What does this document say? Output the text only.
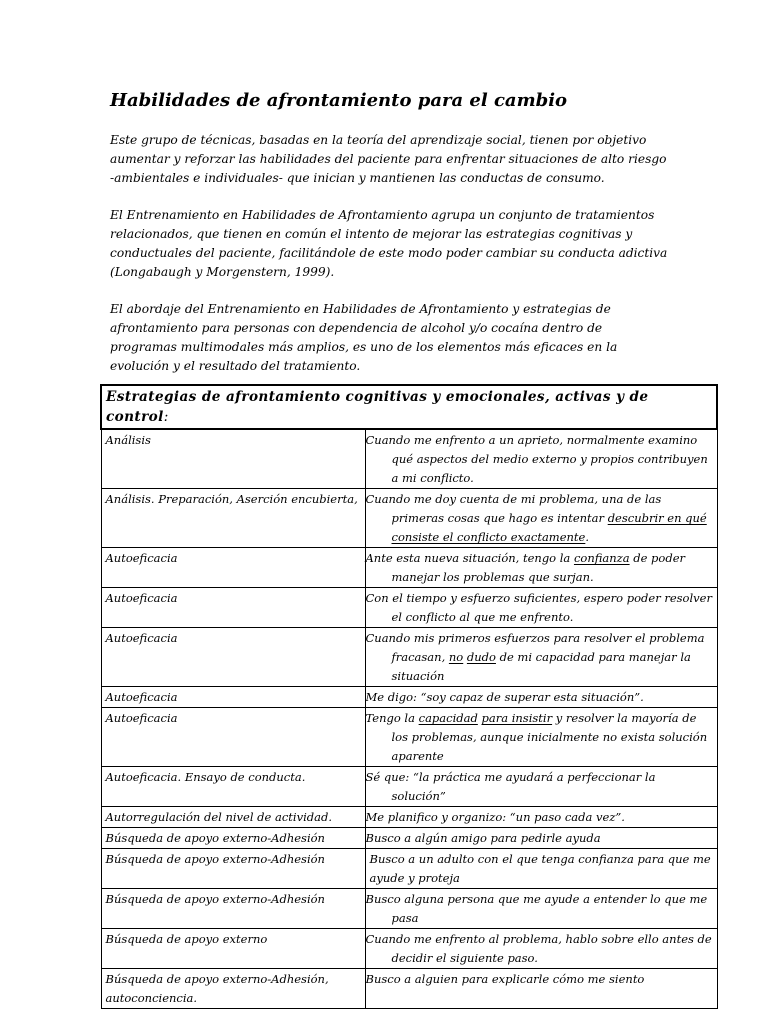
Habilidades de afrontamiento para el cambio

Este grupo de técnicas, basadas en la teoría del aprendizaje social, tienen por objetivo aumentar y reforzar las habilidades del paciente para enfrentar situaciones de alto riesgo -ambientales e individuales- que inician y mantienen las conductas de consumo.

El Entrenamiento en Habilidades de Afrontamiento agrupa un conjunto de tratamientos relacionados, que tienen en común el intento de mejorar las estrategias cognitivas y conductuales del paciente, facilitándole de este modo poder cambiar su conducta adictiva (Longabaugh y Morgenstern, 1999).

El abordaje del Entrenamiento en Habilidades de Afrontamiento y estrategias de afrontamiento para personas con dependencia de alcohol y/o cocaína dentro de programas multimodales más amplios, es uno de los elementos más eficaces en la evolución y el resultado del tratamiento.

Estrategias de afrontamiento cognitivas y emocionales, activas y de control:	
Análisis	Cuando me enfrento a un aprieto, normalmente examino qué aspectos del medio externo y propios contribuyen a mi conflicto.
Análisis. Preparación, Aserción encubierta,	Cuando me doy cuenta de mi problema, una de las primeras cosas que hago es intentar descubrir en qué consiste el conflicto exactamente.
Autoeficacia	Ante esta nueva situación, tengo la confianza de poder manejar los problemas que surjan.
Autoeficacia	Con el tiempo y esfuerzo suficientes, espero poder resolver el conflicto al que me enfrento.
Autoeficacia	Cuando mis primeros esfuerzos para resolver el problema fracasan, no dudo de mi capacidad para manejar la situación
Autoeficacia	Me digo: “soy capaz de superar esta situación”.
Autoeficacia	Tengo la capacidad para insistir y resolver la mayoría de los problemas, aunque inicialmente no exista solución aparente
Autoeficacia. Ensayo de conducta.	Sé que: “la práctica me ayudará a perfeccionar la solución”
Autorregulación del nivel de actividad.	Me planifico y organizo: “un paso cada vez”.
Búsqueda de apoyo externo-Adhesión	Busco a algún amigo para pedirle ayuda
Búsqueda de apoyo externo-Adhesión	Busco a un adulto con el que tenga confianza para que me ayude y proteja
Búsqueda de apoyo externo-Adhesión	Busco alguna persona que me ayude a entender lo que me pasa
Búsqueda de apoyo externo	Cuando me enfrento al problema, hablo sobre ello antes de decidir el siguiente paso.
Búsqueda de apoyo externo-Adhesión, autoconciencia.	Busco a alguien para explicarle cómo me siento
